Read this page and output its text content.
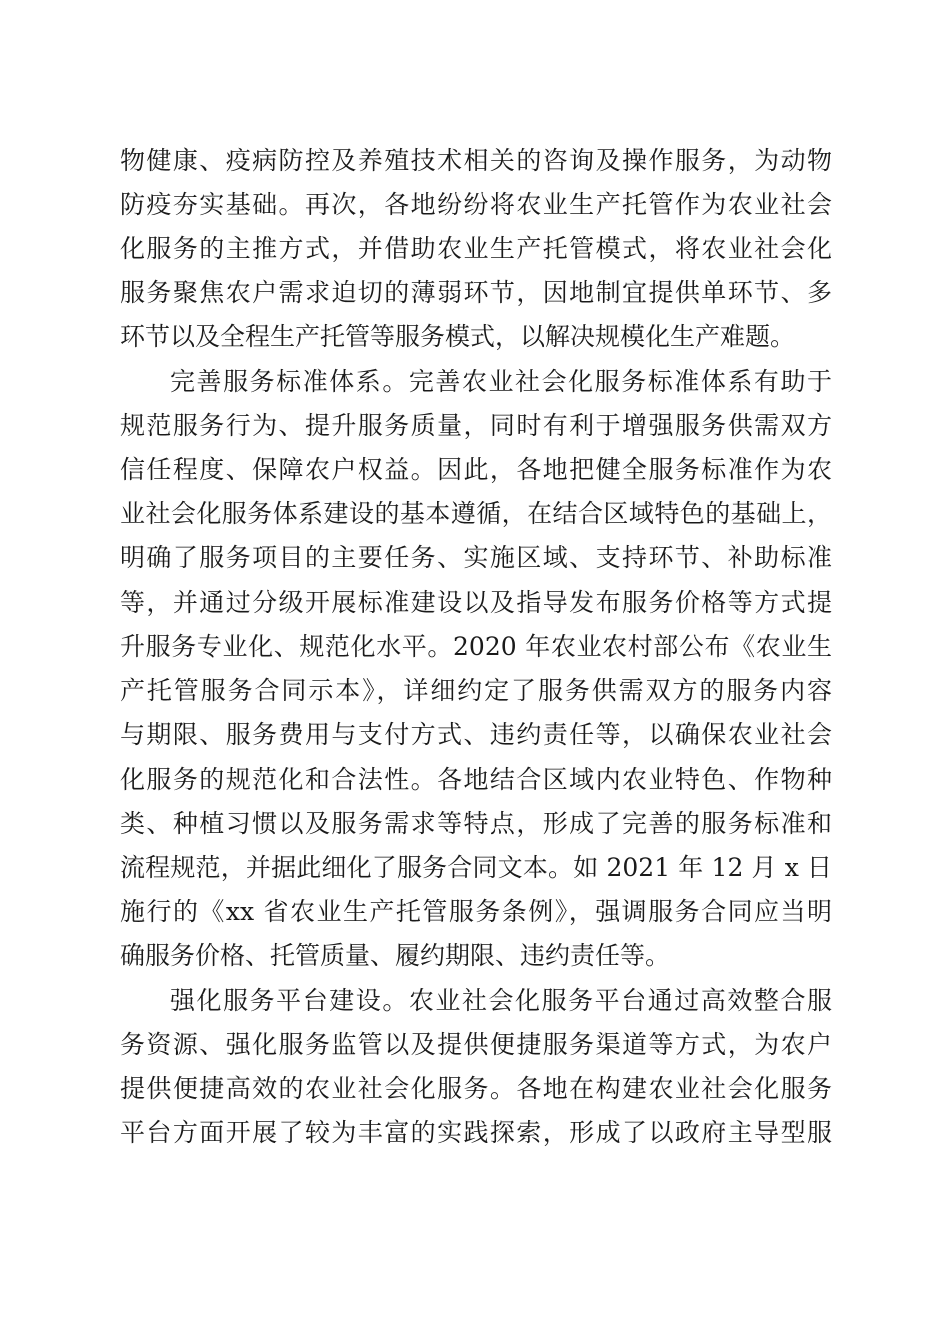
物健康、疫病防控及养殖技术相关的咨询及操作服务，为动物

防疫夯实基础。再次，各地纷纷将农业生产托管作为农业社会

化服务的主推方式，并借助农业生产托管模式，将农业社会化

服务聚焦农户需求迫切的薄弱环节，因地制宜提供单环节、多

环节以及全程生产托管等服务模式，以解决规模化生产难题。

完善服务标准体系。完善农业社会化服务标准体系有助于

规范服务行为、提升服务质量，同时有利于增强服务供需双方

信任程度、保障农户权益。因此，各地把健全服务标准作为农

业社会化服务体系建设的基本遵循，在结合区域特色的基础上，

明确了服务项目的主要任务、实施区域、支持环节、补助标准

等，并通过分级开展标准建设以及指导发布服务价格等方式提

升服务专业化、规范化水平。2020 年农业农村部公布《农业生

产托管服务合同示本》，详细约定了服务供需双方的服务内容

与期限、服务费用与支付方式、违约责任等，以确保农业社会

化服务的规范化和合法性。各地结合区域内农业特色、作物种

类、种植习惯以及服务需求等特点，形成了完善的服务标准和

流程规范，并据此细化了服务合同文本。如 2021 年 12 月 x 日

施行的《xx 省农业生产托管服务条例》，强调服务合同应当明

确服务价格、托管质量、履约期限、违约责任等。

强化服务平台建设。农业社会化服务平台通过高效整合服

务资源、强化服务监管以及提供便捷服务渠道等方式，为农户

提供便捷高效的农业社会化服务。各地在构建农业社会化服务

平台方面开展了较为丰富的实践探索，形成了以政府主导型服
